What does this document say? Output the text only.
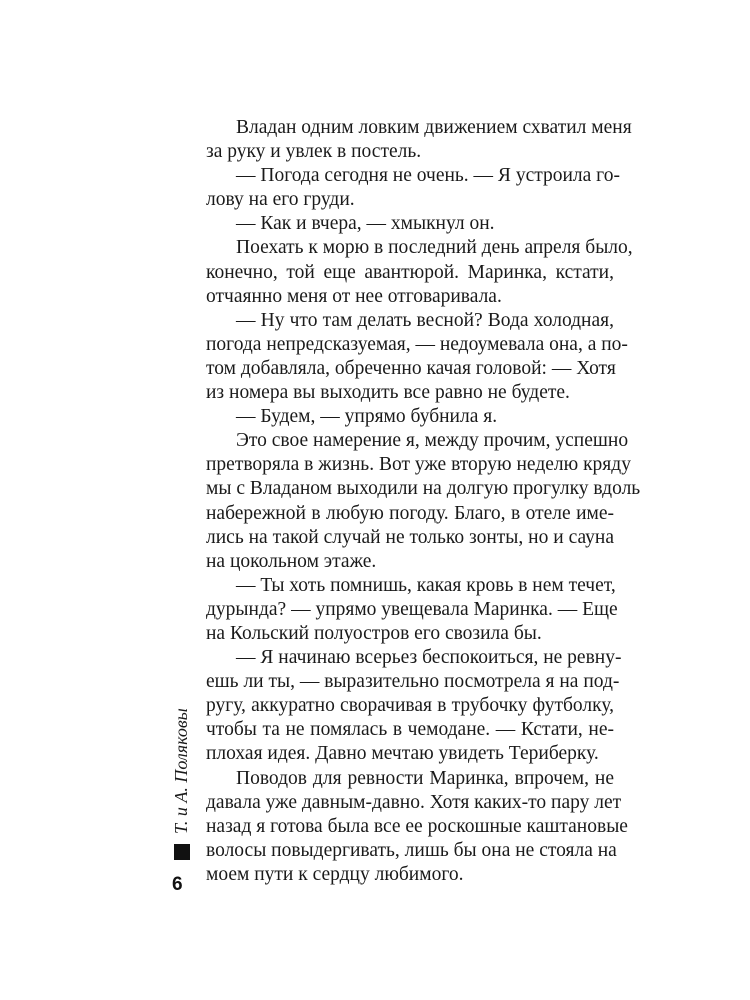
Владан одним ловким движением схватил меня
за руку и увлек в постель.
— Погода сегодня не очень. — Я устроила го-
лову на его груди.
— Как и вчера, — хмыкнул он.
Поехать к морю в последний день апреля было,
конечно, той еще авантюрой. Маринка, кстати,
отчаянно меня от нее отговаривала.
— Ну что там делать весной? Вода холодная,
погода непредсказуемая, — недоумевала она, а по-
том добавляла, обреченно качая головой: — Хотя
из номера вы выходить все равно не будете.
— Будем, — упрямо бубнила я.
Это свое намерение я, между прочим, успешно
претворяла в жизнь. Вот уже вторую неделю кряду
мы с Владаном выходили на долгую прогулку вдоль
набережной в любую погоду. Благо, в отеле име-
лись на такой случай не только зонты, но и сауна
на цокольном этаже.
— Ты хоть помнишь, какая кровь в нем течет,
дурында? — упрямо увещевала Маринка. — Еще
на Кольский полуостров его свозила бы.
— Я начинаю всерьез беспокоиться, не ревну-
ешь ли ты, — выразительно посмотрела я на под-
ругу, аккуратно сворачивая в трубочку футболку,
чтобы та не помялась в чемодане. — Кстати, не-
плохая идея. Давно мечтаю увидеть Териберку.
Поводов для ревности Маринка, впрочем, не
давала уже давным-давно. Хотя каких-то пару лет
назад я готова была все ее роскошные каштановые
волосы повыдергивать, лишь бы она не стояла на
моем пути к сердцу любимого.
Т. и А. Поляковы
6
